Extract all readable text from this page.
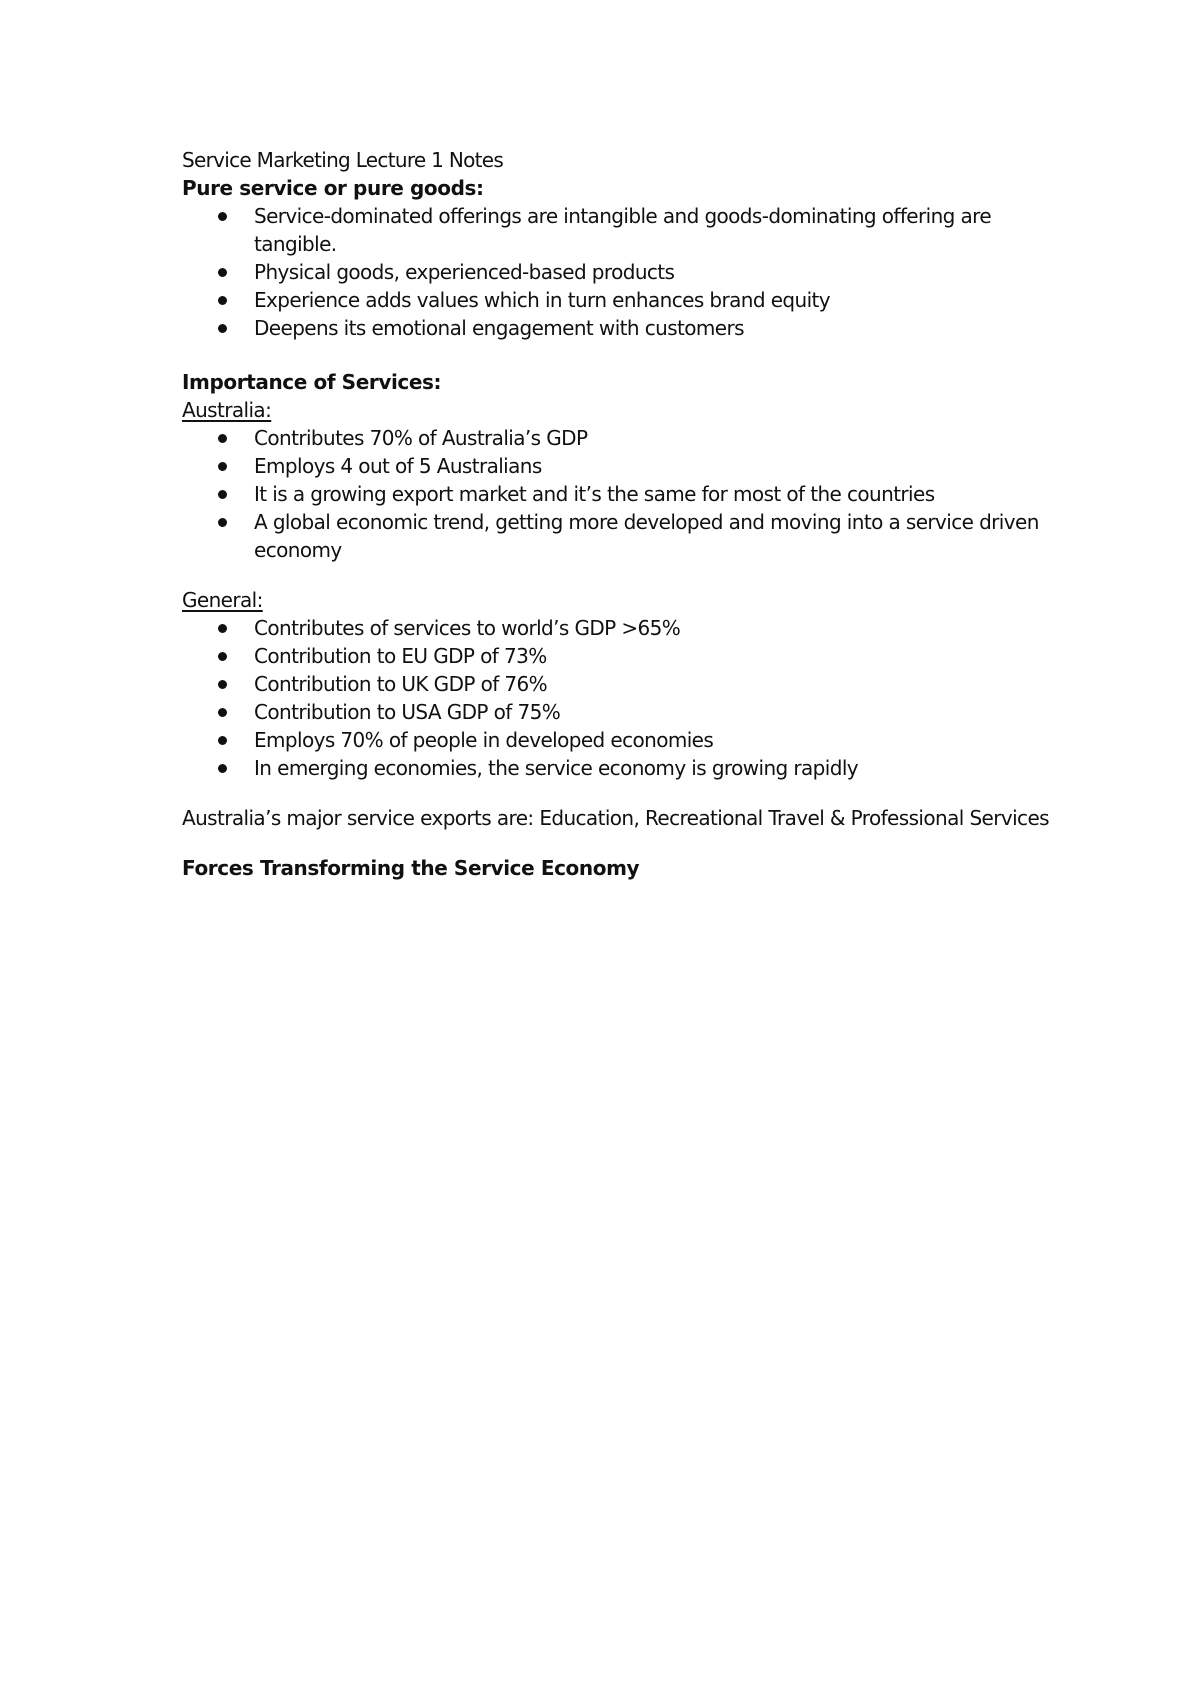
Service Marketing Lecture 1 Notes

Pure service or pure goods:

Service-dominated offerings are intangible and goods-dominating offering are tangible.
Physical goods, experienced-based products
Experience adds values which in turn enhances brand equity
Deepens its emotional engagement with customers

Importance of Services:

Australia:

Contributes 70% of Australia’s GDP
Employs 4 out of 5 Australians
It is a growing export market and it’s the same for most of the countries
A global economic trend, getting more developed and moving into a service driven economy

General:

Contributes of services to world’s GDP >65%
Contribution to EU GDP of 73%
Contribution to UK GDP of 76%
Contribution to USA GDP of 75%
Employs 70% of people in developed economies
In emerging economies, the service economy is growing rapidly

Australia’s major service exports are: Education, Recreational Travel & Professional Services

Forces Transforming the Service Economy
